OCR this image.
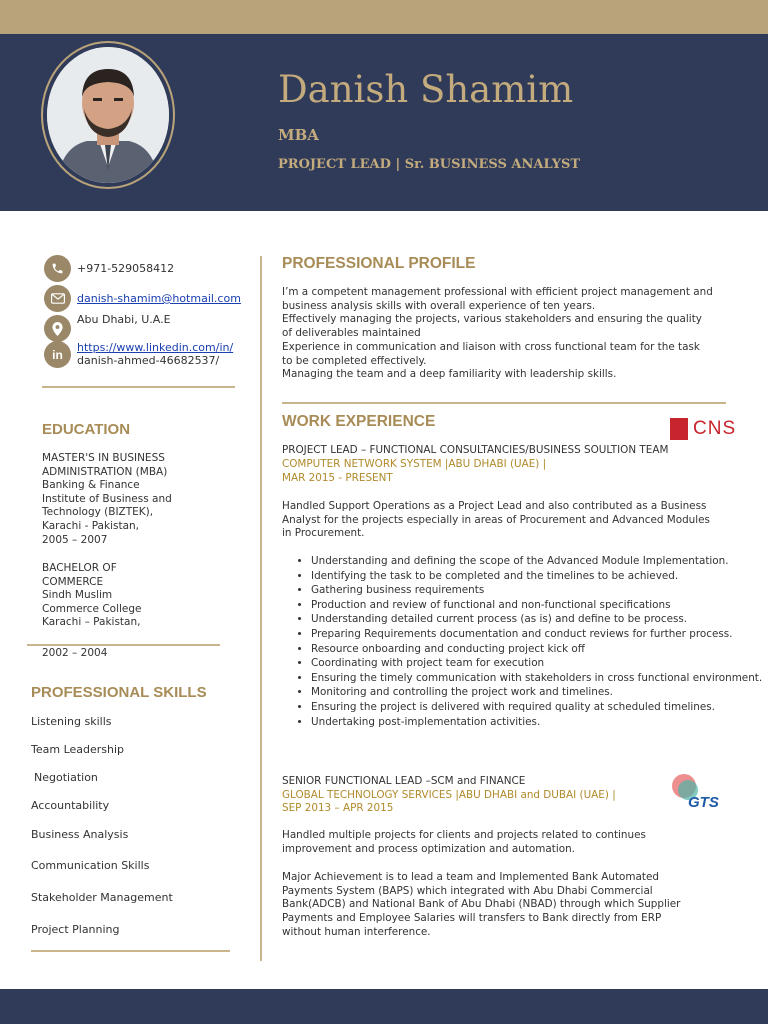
Danish Shamim
MBA
PROJECT LEAD | Sr. BUSINESS ANALYST
+971-529058412
danish-shamim@hotmail.com
Abu Dhabi, U.A.E
in https://www.linkedin.com/in/
danish-ahmed-46682537/
EDUCATION
MASTER'S IN BUSINESS
ADMINISTRATION (MBA)
Banking & Finance
Institute of Business and
Technology (BIZTEK),
Karachi - Pakistan,
2005 – 2007
BACHELOR OF
COMMERCE
Sindh Muslim
Commerce College
Karachi – Pakistan,
2002 – 2004
PROFESSIONAL SKILLS
Listening skills
Team Leadership
Negotiation
Accountability
Business Analysis
Communication Skills
Stakeholder Management
Project Planning
PROFESSIONAL PROFILE
I’m a competent management professional with efficient project management and
business analysis skills with overall experience of ten years.
Effectively managing the projects, various stakeholders and ensuring the quality
of deliverables maintained
Experience in communication and liaison with cross functional team for the task
to be completed effectively.
Managing the team and a deep familiarity with leadership skills.
WORK EXPERIENCE	CNS
PROJECT LEAD – FUNCTIONAL CONSULTANCIES/BUSINESS SOULTION TEAM
COMPUTER NETWORK SYSTEM |ABU DHABI (UAE) |
MAR 2015 - PRESENT
Handled Support Operations as a Project Lead and also contributed as a Business
Analyst for the projects especially in areas of Procurement and Advanced Modules
in Procurement.
• Understanding and defining the scope of the Advanced Module Implementation.
• Identifying the task to be completed and the timelines to be achieved.
• Gathering business requirements
• Production and review of functional and non-functional specifications
• Understanding detailed current process (as is) and define to be process.
• Preparing Requirements documentation and conduct reviews for further process.
• Resource onboarding and conducting project kick off
• Coordinating with project team for execution
• Ensuring the timely communication with stakeholders in cross functional environment.
• Monitoring and controlling the project work and timelines.
• Ensuring the project is delivered with required quality at scheduled timelines.
• Undertaking post-implementation activities.
SENIOR FUNCTIONAL LEAD –SCM and FINANCE
GLOBAL TECHNOLOGY SERVICES |ABU DHABI and DUBAI (UAE) |
SEP 2013 – APR 2015	GTS
Handled multiple projects for clients and projects related to continues
improvement and process optimization and automation.
Major Achievement is to lead a team and Implemented Bank Automated
Payments System (BAPS) which integrated with Abu Dhabi Commercial
Bank(ADCB) and National Bank of Abu Dhabi (NBAD) through which Supplier
Payments and Employee Salaries will transfers to Bank directly from ERP
without human interference.
